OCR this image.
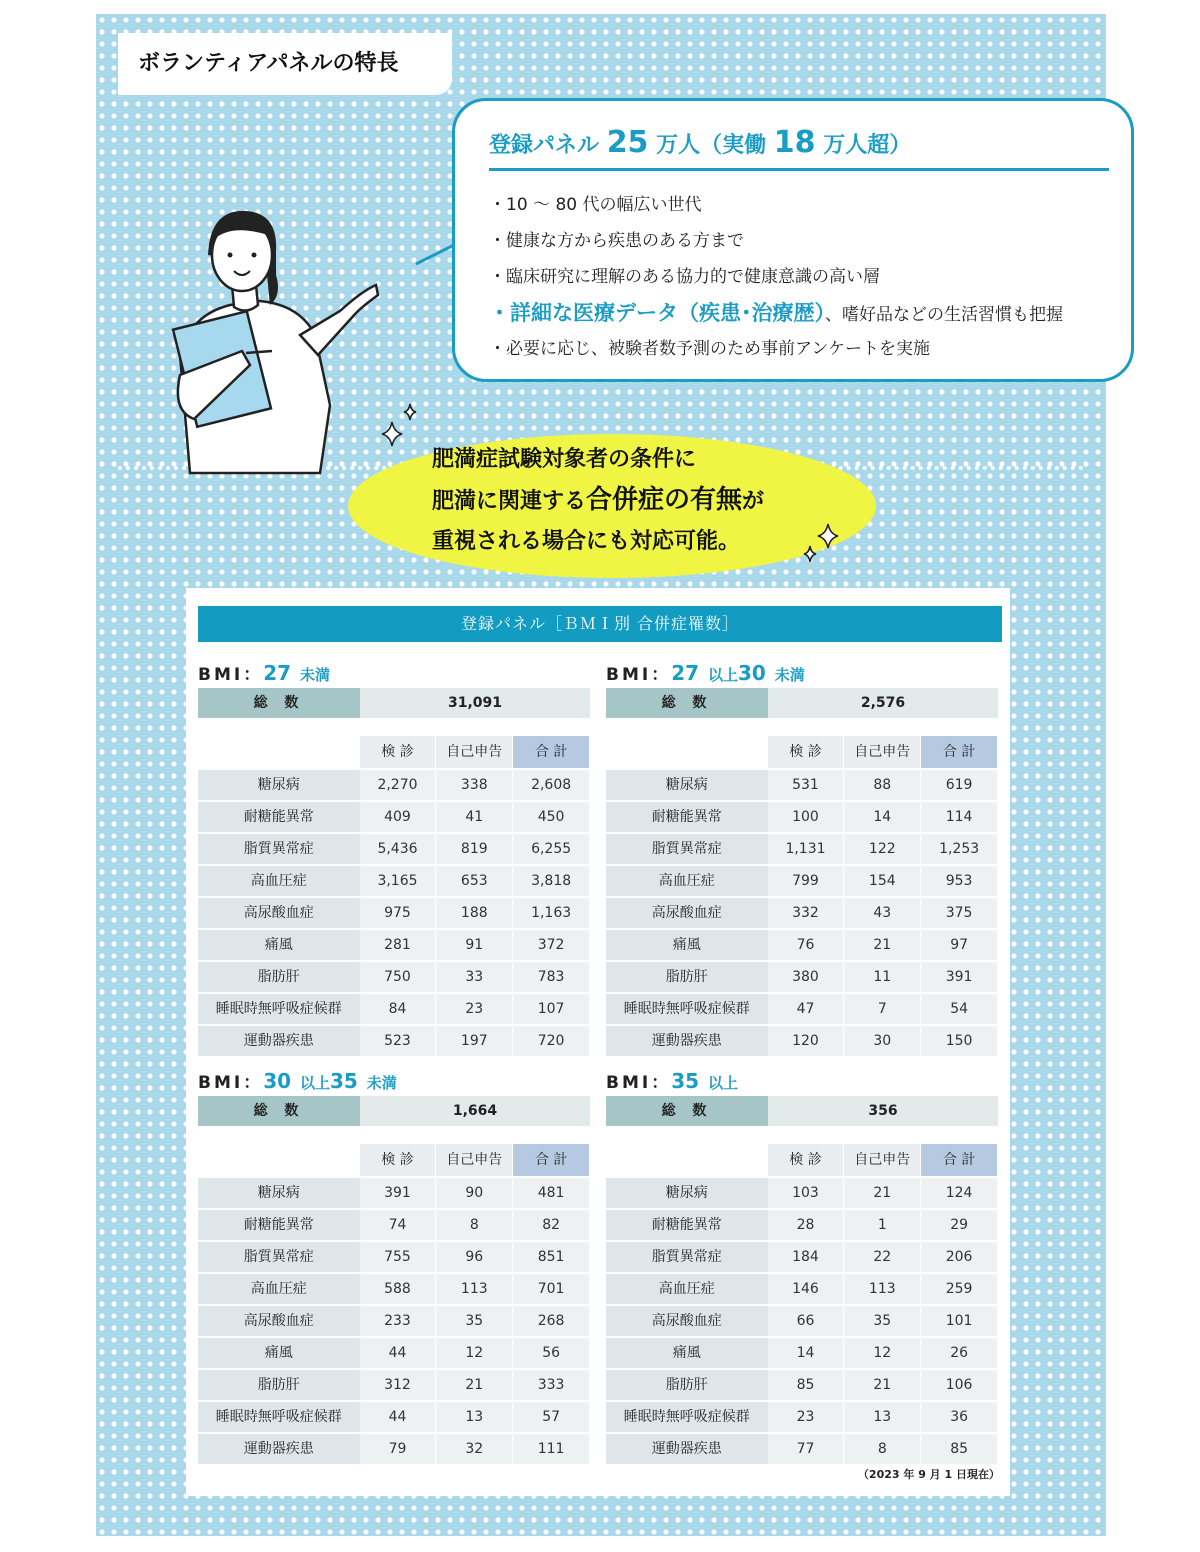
ボランティアパネルの特長
登録パネル 25 万人（実働 18 万人超）
・10 ～ 80 代の幅広い世代
・健康な方から疾患のある方まで
・臨床研究に理解のある協力的で健康意識の高い層
・詳細な医療データ（疾患･治療歴）、嗜好品などの生活習慣も把握
・必要に応じ、被験者数予測のため事前アンケートを実施
肥満症試験対象者の条件に
肥満に関連する合併症の有無が
重視される場合にも対応可能。
登録パネル［ＢＭＩ別 合併症罹数］
BMI：27 未満
総 数	31,091
検 診	自己申告	合 計
糖尿病	2,270	338	2,608
耐糖能異常	409	41	450
脂質異常症	5,436	819	6,255
高血圧症	3,165	653	3,818
高尿酸血症	975	188	1,163
痛風	281	91	372
脂肪肝	750	33	783
睡眠時無呼吸症候群	84	23	107
運動器疾患	523	197	720
BMI：27 以上30 未満
総 数	2,576
検 診	自己申告	合 計
糖尿病	531	88	619
耐糖能異常	100	14	114
脂質異常症	1,131	122	1,253
高血圧症	799	154	953
高尿酸血症	332	43	375
痛風	76	21	97
脂肪肝	380	11	391
睡眠時無呼吸症候群	47	7	54
運動器疾患	120	30	150
BMI：30 以上35 未満
総 数	1,664
検 診	自己申告	合 計
糖尿病	391	90	481
耐糖能異常	74	8	82
脂質異常症	755	96	851
高血圧症	588	113	701
高尿酸血症	233	35	268
痛風	44	12	56
脂肪肝	312	21	333
睡眠時無呼吸症候群	44	13	57
運動器疾患	79	32	111
BMI：35 以上
総 数	356
検 診	自己申告	合 計
糖尿病	103	21	124
耐糖能異常	28	1	29
脂質異常症	184	22	206
高血圧症	146	113	259
高尿酸血症	66	35	101
痛風	14	12	26
脂肪肝	85	21	106
睡眠時無呼吸症候群	23	13	36
運動器疾患	77	8	85
（2023 年 9 月 1 日現在）
